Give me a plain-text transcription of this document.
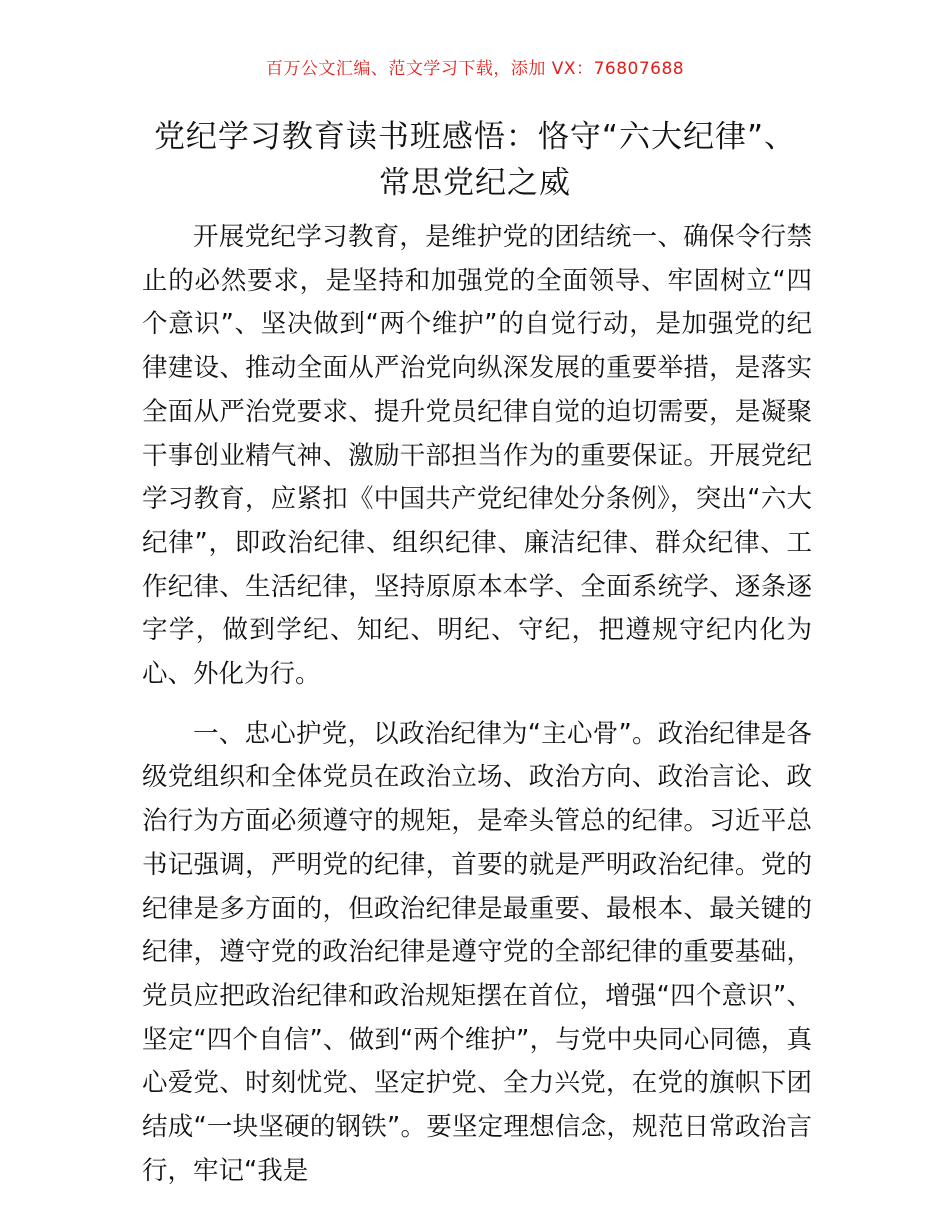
百万公文汇编、范文学习下载，添加 VX：76807688
党纪学习教育读书班感悟：恪守“六大纪律”、常思党纪之威

开展党纪学习教育，是维护党的团结统一、确保令行禁止的必然要求，是坚持和加强党的全面领导、牢固树立“四个意识”、坚决做到“两个维护”的自觉行动，是加强党的纪律建设、推动全面从严治党向纵深发展的重要举措，是落实全面从严治党要求、提升党员纪律自觉的迫切需要，是凝聚干事创业精气神、激励干部担当作为的重要保证。开展党纪学习教育，应紧扣《中国共产党纪律处分条例》，突出“六大纪律”，即政治纪律、组织纪律、廉洁纪律、群众纪律、工作纪律、生活纪律，坚持原原本本学、全面系统学、逐条逐字学，做到学纪、知纪、明纪、守纪，把遵规守纪内化为心、外化为行。

一、忠心护党，以政治纪律为“主心骨”。政治纪律是各级党组织和全体党员在政治立场、政治方向、政治言论、政治行为方面必须遵守的规矩，是牵头管总的纪律。习近平总书记强调，严明党的纪律，首要的就是严明政治纪律。党的纪律是多方面的，但政治纪律是最重要、最根本、最关键的纪律，遵守党的政治纪律是遵守党的全部纪律的重要基础，党员应把政治纪律和政治规矩摆在首位，增强“四个意识”、坚定“四个自信”、做到“两个维护”，与党中央同心同德，真心爱党、时刻忧党、坚定护党、全力兴党，在党的旗帜下团结成“一块坚硬的钢铁”。要坚定理想信念，规范日常政治言行，牢记“我是
